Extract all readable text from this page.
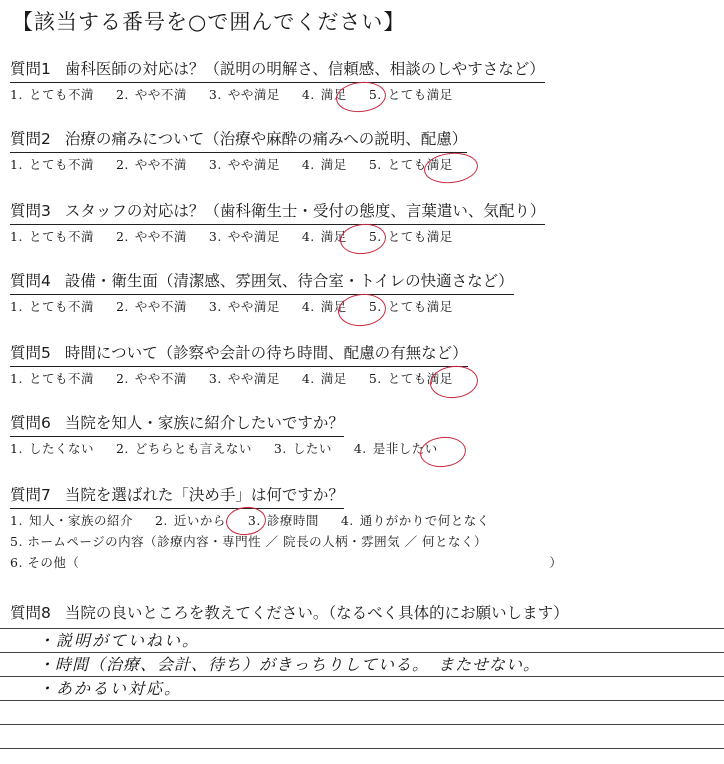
【該当する番号を○で囲んでください】
質問1 歯科医師の対応は？（説明の明解さ、信頼感、相談のしやすさなど）
1. とても不満 2. やや不満 3. やや満足 4. 満足 5. とても満足
質問2 治療の痛みについて（治療や麻酔の痛みへの説明、配慮）
1. とても不満 2. やや不満 3. やや満足 4. 満足 5. とても満足
質問3 スタッフの対応は？（歯科衛生士・受付の態度、言葉遣い、気配り）
1. とても不満 2. やや不満 3. やや満足 4. 満足 5. とても満足
質問4 設備・衛生面（清潔感、雰囲気、待合室・トイレの快適さなど）
1. とても不満 2. やや不満 3. やや満足 4. 満足 5. とても満足
質問5 時間について（診察や会計の待ち時間、配慮の有無など）
1. とても不満 2. やや不満 3. やや満足 4. 満足 5. とても満足
質問6 当院を知人・家族に紹介したいですか？
1. したくない 2. どちらとも言えない 3. したい 4. 是非したい
質問7 当院を選ばれた「決め手」は何ですか？
1. 知人・家族の紹介 2. 近いから 3. 診療時間 4. 通りがかりで何となく
5. ホームページの内容（診療内容・専門性 ／ 院長の人柄・雰囲気 ／ 何となく）
6. その他（	）
質問8 当院の良いところを教えてください。（なるべく具体的にお願いします）
・説明がていねい。
・時間（治療、会計、待ち）がきっちりしている。　またせない。
・あかるい対応。
